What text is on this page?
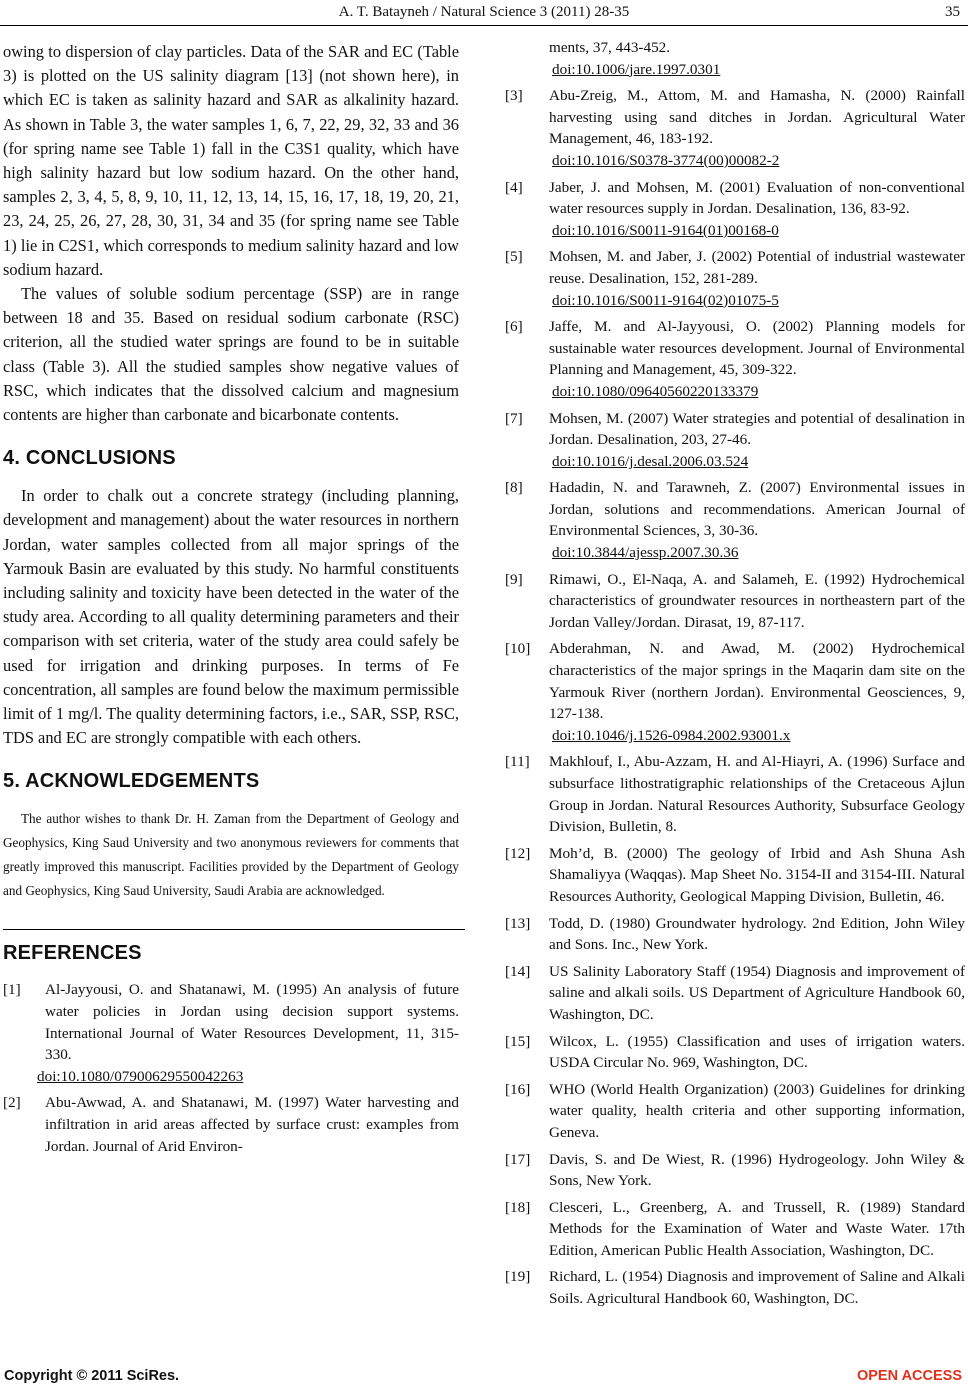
A. T. Batayneh / Natural Science 3 (2011) 28-35	35

owing to dispersion of clay particles. Data of the SAR and EC (Table 3) is plotted on the US salinity diagram [13] (not shown here), in which EC is taken as salinity hazard and SAR as alkalinity hazard. As shown in Table 3, the water samples 1, 6, 7, 22, 29, 32, 33 and 36 (for spring name see Table 1) fall in the C3S1 quality, which have high salinity hazard but low sodium hazard. On the other hand, samples 2, 3, 4, 5, 8, 9, 10, 11, 12, 13, 14, 15, 16, 17, 18, 19, 20, 21, 23, 24, 25, 26, 27, 28, 30, 31, 34 and 35 (for spring name see Table 1) lie in C2S1, which corresponds to medium salinity hazard and low sodium hazard.

The values of soluble sodium percentage (SSP) are in range between 18 and 35. Based on residual sodium carbonate (RSC) criterion, all the studied water springs are found to be in suitable class (Table 3). All the studied samples show negative values of RSC, which indicates that the dissolved calcium and magnesium contents are higher than carbonate and bicarbonate contents.

4. CONCLUSIONS

In order to chalk out a concrete strategy (including planning, development and management) about the water resources in northern Jordan, water samples collected from all major springs of the Yarmouk Basin are evaluated by this study. No harmful constituents including salinity and toxicity have been detected in the water of the study area. According to all quality determining parameters and their comparison with set criteria, water of the study area could safely be used for irrigation and drinking purposes. In terms of Fe concentration, all samples are found below the maximum permissible limit of 1 mg/l. The quality determining factors, i.e., SAR, SSP, RSC, TDS and EC are strongly compatible with each others.

5. ACKNOWLEDGEMENTS

The author wishes to thank Dr. H. Zaman from the Department of Geology and Geophysics, King Saud University and two anonymous reviewers for comments that greatly improved this manuscript. Facilities provided by the Department of Geology and Geophysics, King Saud University, Saudi Arabia are acknowledged.

REFERENCES
[1] Al-Jayyousi, O. and Shatanawi, M. (1995) An analysis of future water policies in Jordan using decision support systems. International Journal of Water Resources Development, 11, 315-330.
doi:10.1080/07900629550042263
[2] Abu-Awwad, A. and Shatanawi, M. (1997) Water harvesting and infiltration in arid areas affected by surface crust: examples from Jordan. Journal of Arid Environ-
ments, 37, 443-452.
doi:10.1006/jare.1997.0301
[3] Abu-Zreig, M., Attom, M. and Hamasha, N. (2000) Rainfall harvesting using sand ditches in Jordan. Agricultural Water Management, 46, 183-192.
doi:10.1016/S0378-3774(00)00082-2
[4] Jaber, J. and Mohsen, M. (2001) Evaluation of non-conventional water resources supply in Jordan. Desalination, 136, 83-92.
doi:10.1016/S0011-9164(01)00168-0
[5] Mohsen, M. and Jaber, J. (2002) Potential of industrial wastewater reuse. Desalination, 152, 281-289.
doi:10.1016/S0011-9164(02)01075-5
[6] Jaffe, M. and Al-Jayyousi, O. (2002) Planning models for sustainable water resources development. Journal of Environmental Planning and Management, 45, 309-322.
doi:10.1080/09640560220133379
[7] Mohsen, M. (2007) Water strategies and potential of desalination in Jordan. Desalination, 203, 27-46.
doi:10.1016/j.desal.2006.03.524
[8] Hadadin, N. and Tarawneh, Z. (2007) Environmental issues in Jordan, solutions and recommendations. American Journal of Environmental Sciences, 3, 30-36.
doi:10.3844/ajessp.2007.30.36
[9] Rimawi, O., El-Naqa, A. and Salameh, E. (1992) Hydrochemical characteristics of groundwater resources in northeastern part of the Jordan Valley/Jordan. Dirasat, 19, 87-117.
[10] Abderahman, N. and Awad, M. (2002) Hydrochemical characteristics of the major springs in the Maqarin dam site on the Yarmouk River (northern Jordan). Environmental Geosciences, 9, 127-138.
doi:10.1046/j.1526-0984.2002.93001.x
[11] Makhlouf, I., Abu-Azzam, H. and Al-Hiayri, A. (1996) Surface and subsurface lithostratigraphic relationships of the Cretaceous Ajlun Group in Jordan. Natural Resources Authority, Subsurface Geology Division, Bulletin, 8.
[12] Moh’d, B. (2000) The geology of Irbid and Ash Shuna Ash Shamaliyya (Waqqas). Map Sheet No. 3154-II and 3154-III. Natural Resources Authority, Geological Mapping Division, Bulletin, 46.
[13] Todd, D. (1980) Groundwater hydrology. 2nd Edition, John Wiley and Sons. Inc., New York.
[14] US Salinity Laboratory Staff (1954) Diagnosis and improvement of saline and alkali soils. US Department of Agriculture Handbook 60, Washington, DC.
[15] Wilcox, L. (1955) Classification and uses of irrigation waters. USDA Circular No. 969, Washington, DC.
[16] WHO (World Health Organization) (2003) Guidelines for drinking water quality, health criteria and other supporting information, Geneva.
[17] Davis, S. and De Wiest, R. (1996) Hydrogeology. John Wiley & Sons, New York.
[18] Clesceri, L., Greenberg, A. and Trussell, R. (1989) Standard Methods for the Examination of Water and Waste Water. 17th Edition, American Public Health Association, Washington, DC.
[19] Richard, L. (1954) Diagnosis and improvement of Saline and Alkali Soils. Agricultural Handbook 60, Washington, DC.
Copyright © 2011 SciRes.	OPEN ACCESS
